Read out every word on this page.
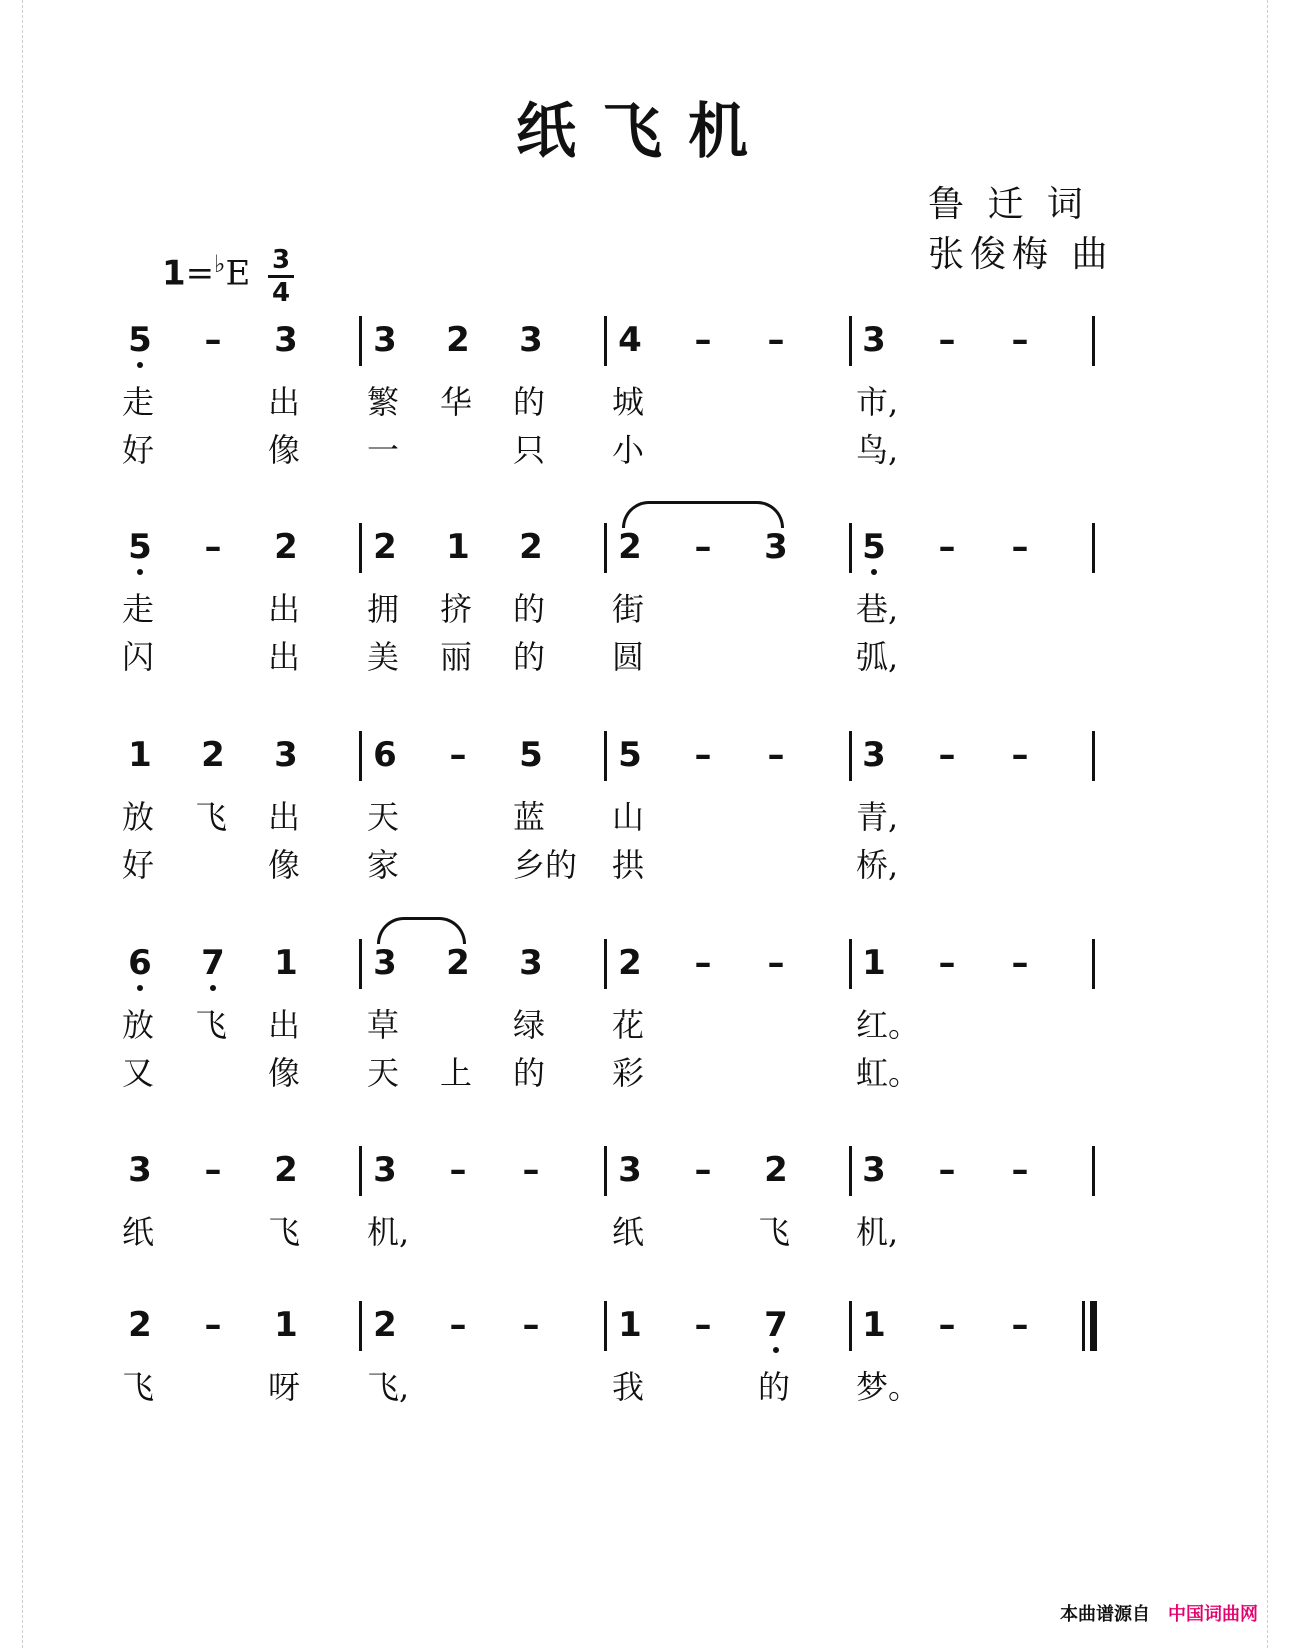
纸飞机
鲁 迁 词
张俊梅 曲
1=♭E 3
4
5	–	3 3 2 3 4	–	–	3	–	–
走	出	繁	华	的	城	市,
好	像	一	只	小	鸟,
5	–	2 2 1 2 2	–	3 5	–	–
走	出	拥	挤	的	街	巷,
闪	出	美	丽	的	圆	弧,
1 2 3 6	–	5 5	–	–	3	–	–
放	飞	出	天	蓝	山	青,
好	像	家	乡的	拱	桥,
6 7 1 3 2 3 2	–	–	1	–	–
放	飞	出	草	绿	花	红。
又	像	天	上	的	彩	虹。
3	–	2 3	–	–	3	–	2 3	–	–
纸	飞	机,	纸	飞	机,
2	–	1 2	–	–	1	–	7 1	–	–
飞	呀	飞,	我	的	梦。
本曲谱源自 中国词曲网
